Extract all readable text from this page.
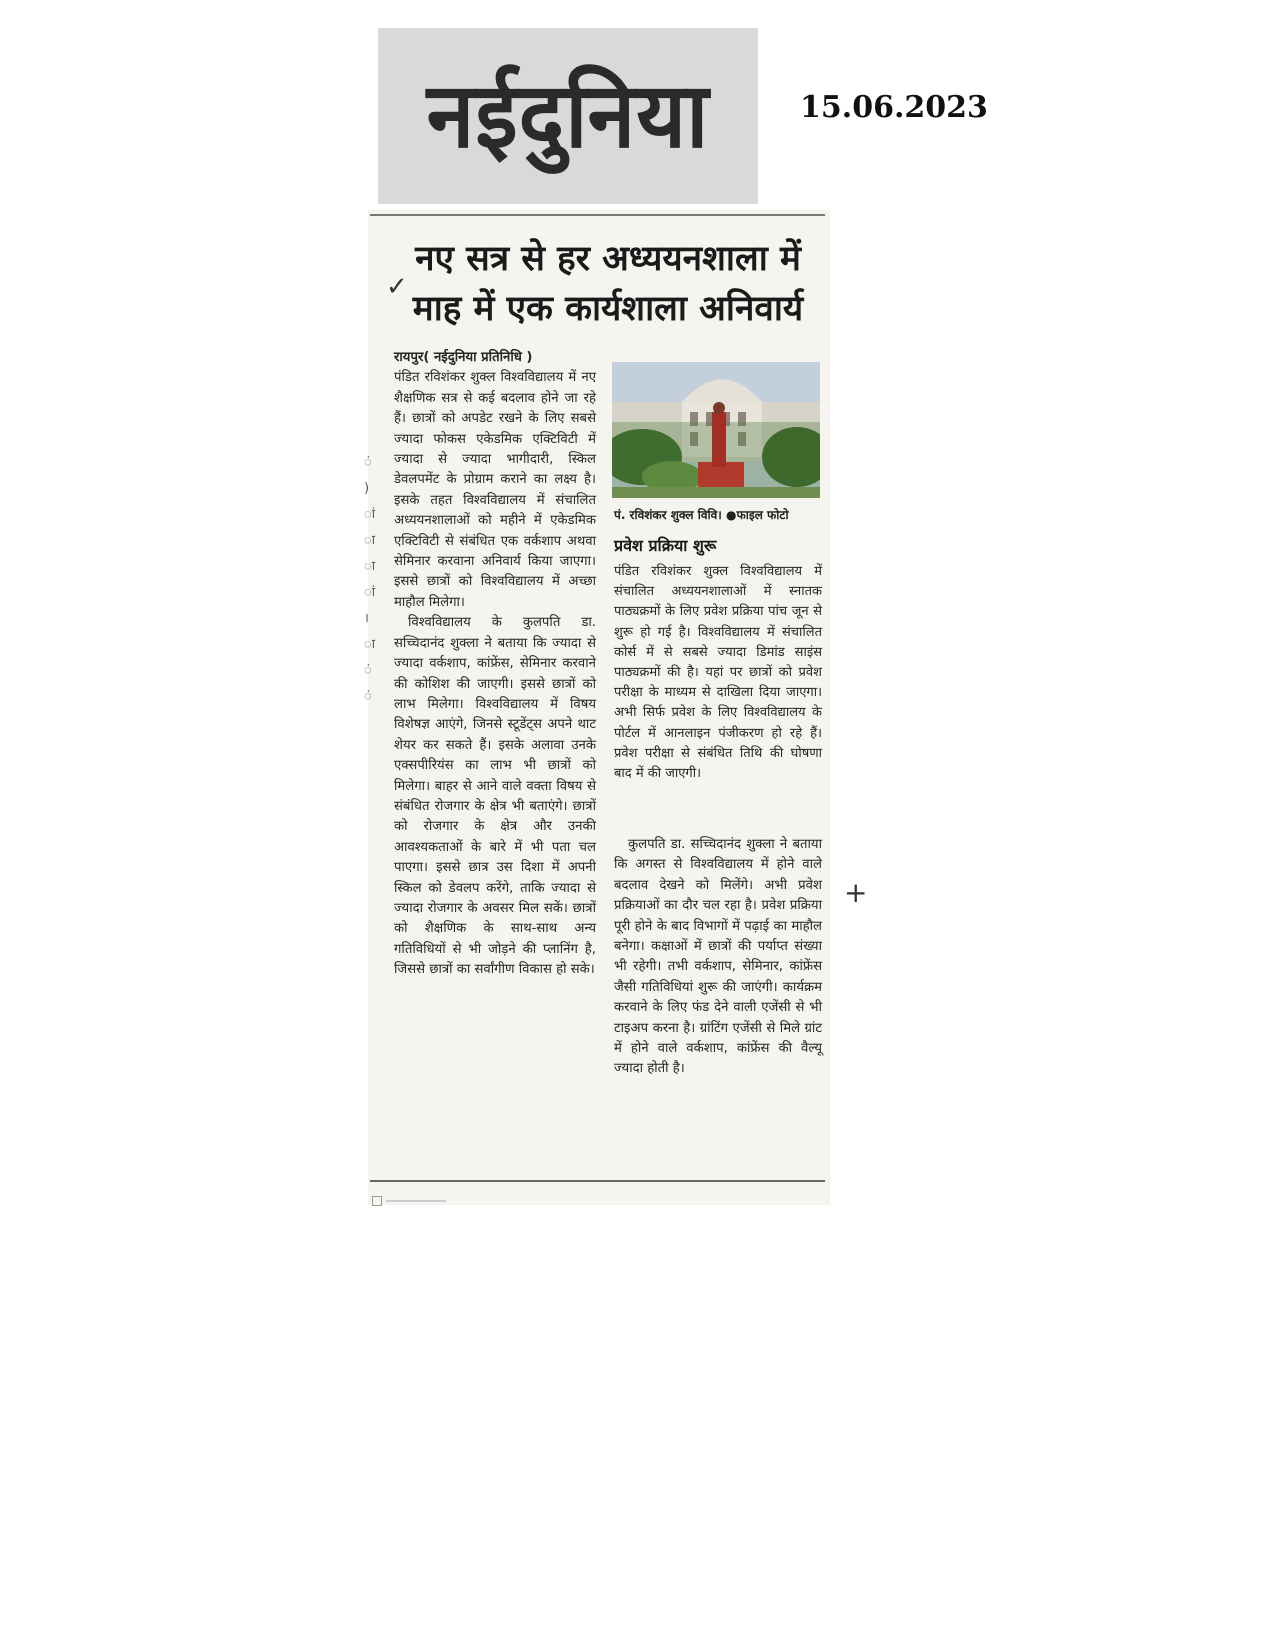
नईदुनिया	15.06.2023
✓
नए सत्र से हर अध्ययनशाला में
माह में एक कार्यशाला अनिवार्य
ं
)
ां
ा
ा
ां
।
ा
ं
ं
रायपुर( नईदुनिया प्रतिनिधि )
पंडित रविशंकर शुक्ल विश्वविद्यालय में नए शैक्षणिक सत्र से कई बदलाव होने जा रहे हैं। छात्रों को अपडेट रखने के लिए सबसे ज्यादा फोकस एकेडमिक एक्टिविटी में ज्यादा से ज्यादा भागीदारी, स्किल डेवलपमेंट के प्रोग्राम कराने का लक्ष्य है। इसके तहत विश्वविद्यालय में संचालित अध्ययनशालाओं को महीने में एकेडमिक एक्टिविटी से संबंधित एक वर्कशाप अथवा सेमिनार करवाना अनिवार्य किया जाएगा। इससे छात्रों को विश्वविद्यालय में अच्छा माहौल मिलेगा।
विश्वविद्यालय के कुलपति डा. सच्चिदानंद शुक्ला ने बताया कि ज्यादा से ज्यादा वर्कशाप, कांफ्रेंस, सेमिनार करवाने की कोशिश की जाएगी। इससे छात्रों को लाभ मिलेगा। विश्वविद्यालय में विषय विशेषज्ञ आएंगे, जिनसे स्टूडेंट्स अपने थाट शेयर कर सकते हैं। इसके अलावा उनके एक्सपीरियंस का लाभ भी छात्रों को मिलेगा। बाहर से आने वाले वक्ता विषय से संबंधित रोजगार के क्षेत्र भी बताएंगे। छात्रों को रोजगार के क्षेत्र और उनकी आवश्यकताओं के बारे में भी पता चल पाएगा। इससे छात्र उस दिशा में अपनी स्किल को डेवलप करेंगे, ताकि ज्यादा से ज्यादा रोजगार के अवसर मिल सकें। छात्रों को शैक्षणिक के साथ-साथ अन्य गतिविधियों से भी जोड़ने की प्लानिंग है, जिससे छात्रों का सर्वांगीण विकास हो सके।
पं. रविशंकर शुक्ल विवि। ●फाइल फोटो
प्रवेश प्रक्रिया शुरू
पंडित रविशंकर शुक्ल विश्वविद्यालय में संचालित अध्ययनशालाओं में स्नातक पाठ्यक्रमों के लिए प्रवेश प्रक्रिया पांच जून से शुरू हो गई है। विश्वविद्यालय में संचालित कोर्स में से सबसे ज्यादा डिमांड साइंस पाठ्यक्रमों की है। यहां पर छात्रों को प्रवेश परीक्षा के माध्यम से दाखिला दिया जाएगा। अभी सिर्फ प्रवेश के लिए विश्वविद्यालय के पोर्टल में आनलाइन पंजीकरण हो रहे हैं। प्रवेश परीक्षा से संबंधित तिथि की घोषणा बाद में की जाएगी।
कुलपति डा. सच्चिदानंद शुक्ला ने बताया कि अगस्त से विश्वविद्यालय में होने वाले बदलाव देखने को मिलेंगे। अभी प्रवेश प्रक्रियाओं का दौर चल रहा है। प्रवेश प्रक्रिया पूरी होने के बाद विभागों में पढ़ाई का माहौल बनेगा। कक्षाओं में छात्रों की पर्याप्त संख्या भी रहेगी। तभी वर्कशाप, सेमिनार, कांफ्रेंस जैसी गतिविधियां शुरू की जाएंगी। कार्यक्रम करवाने के लिए फंड देने वाली एजेंसी से भी टाइअप करना है। ग्रांटिंग एजेंसी से मिले ग्रांट में होने वाले वर्कशाप, कांफ्रेंस की वैल्यू ज्यादा होती है।
+
